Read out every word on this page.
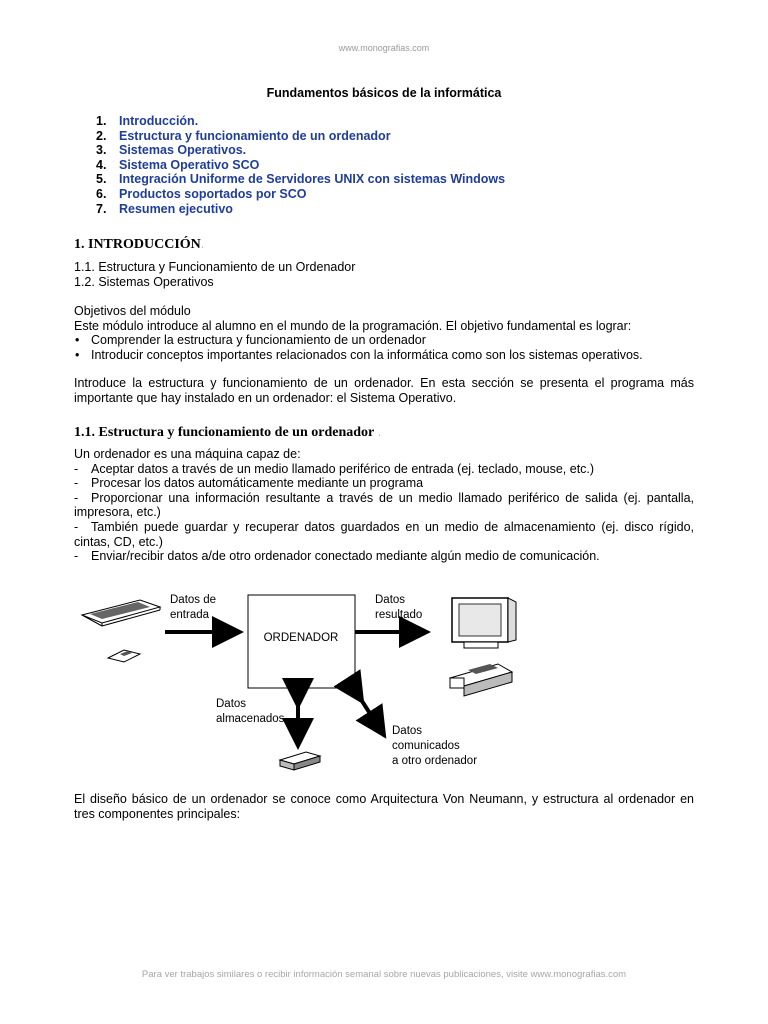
www.monografias.com
Fundamentos básicos de la informática
1. Introducción.
2. Estructura y funcionamiento de un ordenador
3. Sistemas Operativos.
4. Sistema Operativo SCO
5. Integración Uniforme de Servidores UNIX con sistemas Windows
6. Productos soportados por SCO
7. Resumen ejecutivo
1. INTRODUCCIÓN.
1.1. Estructura y Funcionamiento de un Ordenador
1.2. Sistemas Operativos
Objetivos del módulo
Este módulo introduce al alumno en el mundo de la programación. El objetivo fundamental es lograr:
• Comprender la estructura y funcionamiento de un ordenador
• Introducir conceptos importantes relacionados con la informática como son los sistemas operativos.
Introduce la estructura y funcionamiento de un ordenador. En esta sección se presenta el programa más importante que hay instalado en un ordenador: el Sistema Operativo.
1.1. Estructura y funcionamiento de un ordenador .
Un ordenador es una máquina capaz de:
- Aceptar datos a través de un medio llamado periférico de entrada (ej. teclado, mouse, etc.)
- Procesar los datos automáticamente mediante un programa
- Proporcionar una información resultante a través de un medio llamado periférico de salida (ej. pantalla, impresora, etc.)
- También puede guardar y recuperar datos guardados en un medio de almacenamiento (ej. disco rígido, cintas, CD, etc.)
- Enviar/recibir datos a/de otro ordenador conectado mediante algún medio de comunicación.
Datos de
entrada
ORDENADOR
Datos
resultado
Datos
almacenados
Datos
comunicados
a otro ordenador
El diseño básico de un ordenador se conoce como Arquitectura Von Neumann, y estructura al ordenador en tres componentes principales:
Para ver trabajos similares o recibir información semanal sobre nuevas publicaciones, visite www.monografias.com
